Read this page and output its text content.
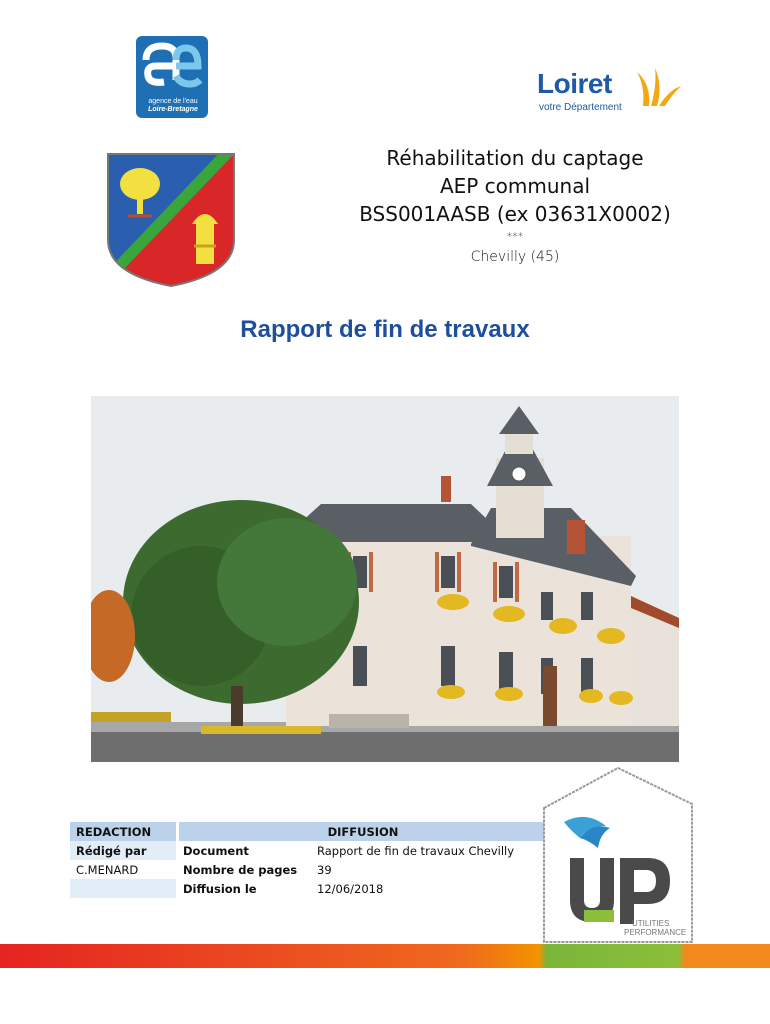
agence de l'eau
Loire-Bretagne
Loiret
votre Département
Réhabilitation du captage
AEP communal
BSS001AASB (ex 03631X0002)
***
Chevilly (45)
Rapport de fin de travaux
REDACTION		DIFFUSION	
Rédigé par		Document	Rapport de fin de travaux Chevilly
C.MENARD		Nombre de pages	39
		Diffusion le	12/06/2018
UTILITIES
PERFORMANCE
